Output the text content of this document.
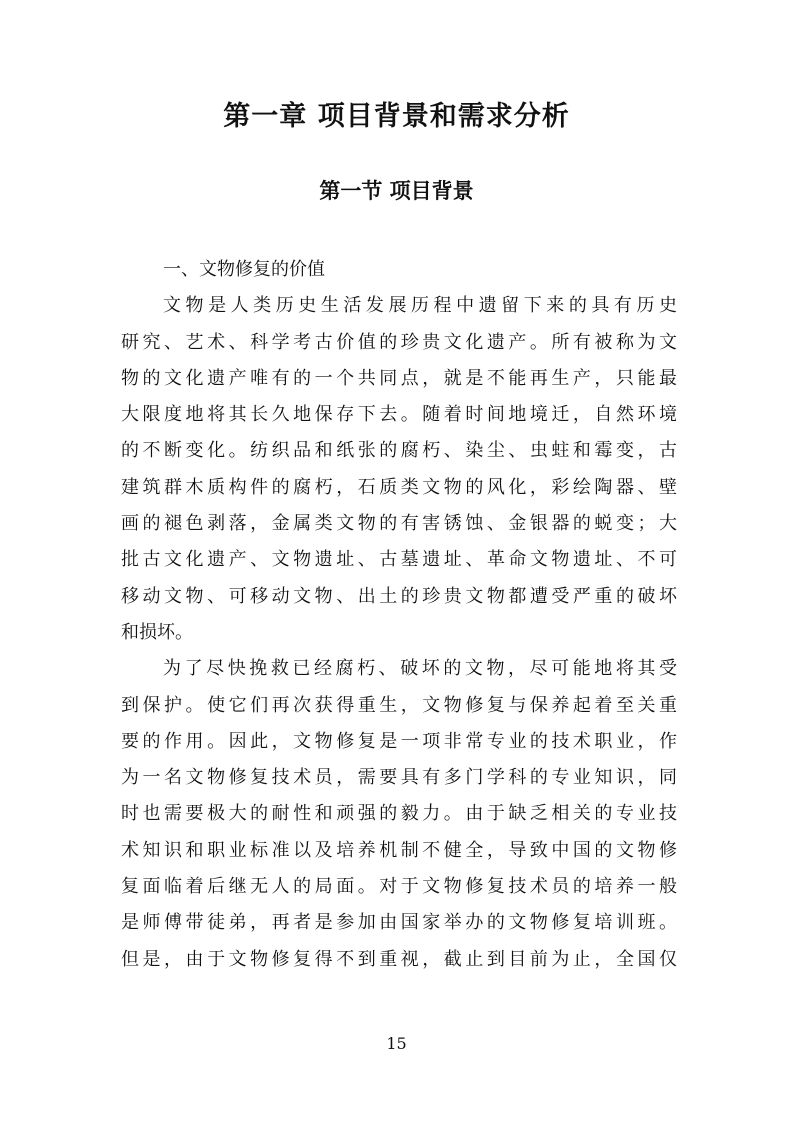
第一章 项目背景和需求分析
第一节 项目背景
一、文物修复的价值
文物是人类历史生活发展历程中遗留下来的具有历史
研究、艺术、科学考古价值的珍贵文化遗产。所有被称为文
物的文化遗产唯有的一个共同点，就是不能再生产，只能最
大限度地将其长久地保存下去。随着时间地境迁，自然环境
的不断变化。纺织品和纸张的腐朽、染尘、虫蛀和霉变，古
建筑群木质构件的腐朽，石质类文物的风化，彩绘陶器、壁
画的褪色剥落，金属类文物的有害锈蚀、金银器的蜕变；大
批古文化遗产、文物遗址、古墓遗址、革命文物遗址、不可
移动文物、可移动文物、出土的珍贵文物都遭受严重的破坏
和损坏。
为了尽快挽救已经腐朽、破坏的文物，尽可能地将其受
到保护。使它们再次获得重生，文物修复与保养起着至关重
要的作用。因此，文物修复是一项非常专业的技术职业，作
为一名文物修复技术员，需要具有多门学科的专业知识，同
时也需要极大的耐性和顽强的毅力。由于缺乏相关的专业技
术知识和职业标准以及培养机制不健全，导致中国的文物修
复面临着后继无人的局面。对于文物修复技术员的培养一般
是师傅带徒弟，再者是参加由国家举办的文物修复培训班。
但是，由于文物修复得不到重视，截止到目前为止，全国仅
15
